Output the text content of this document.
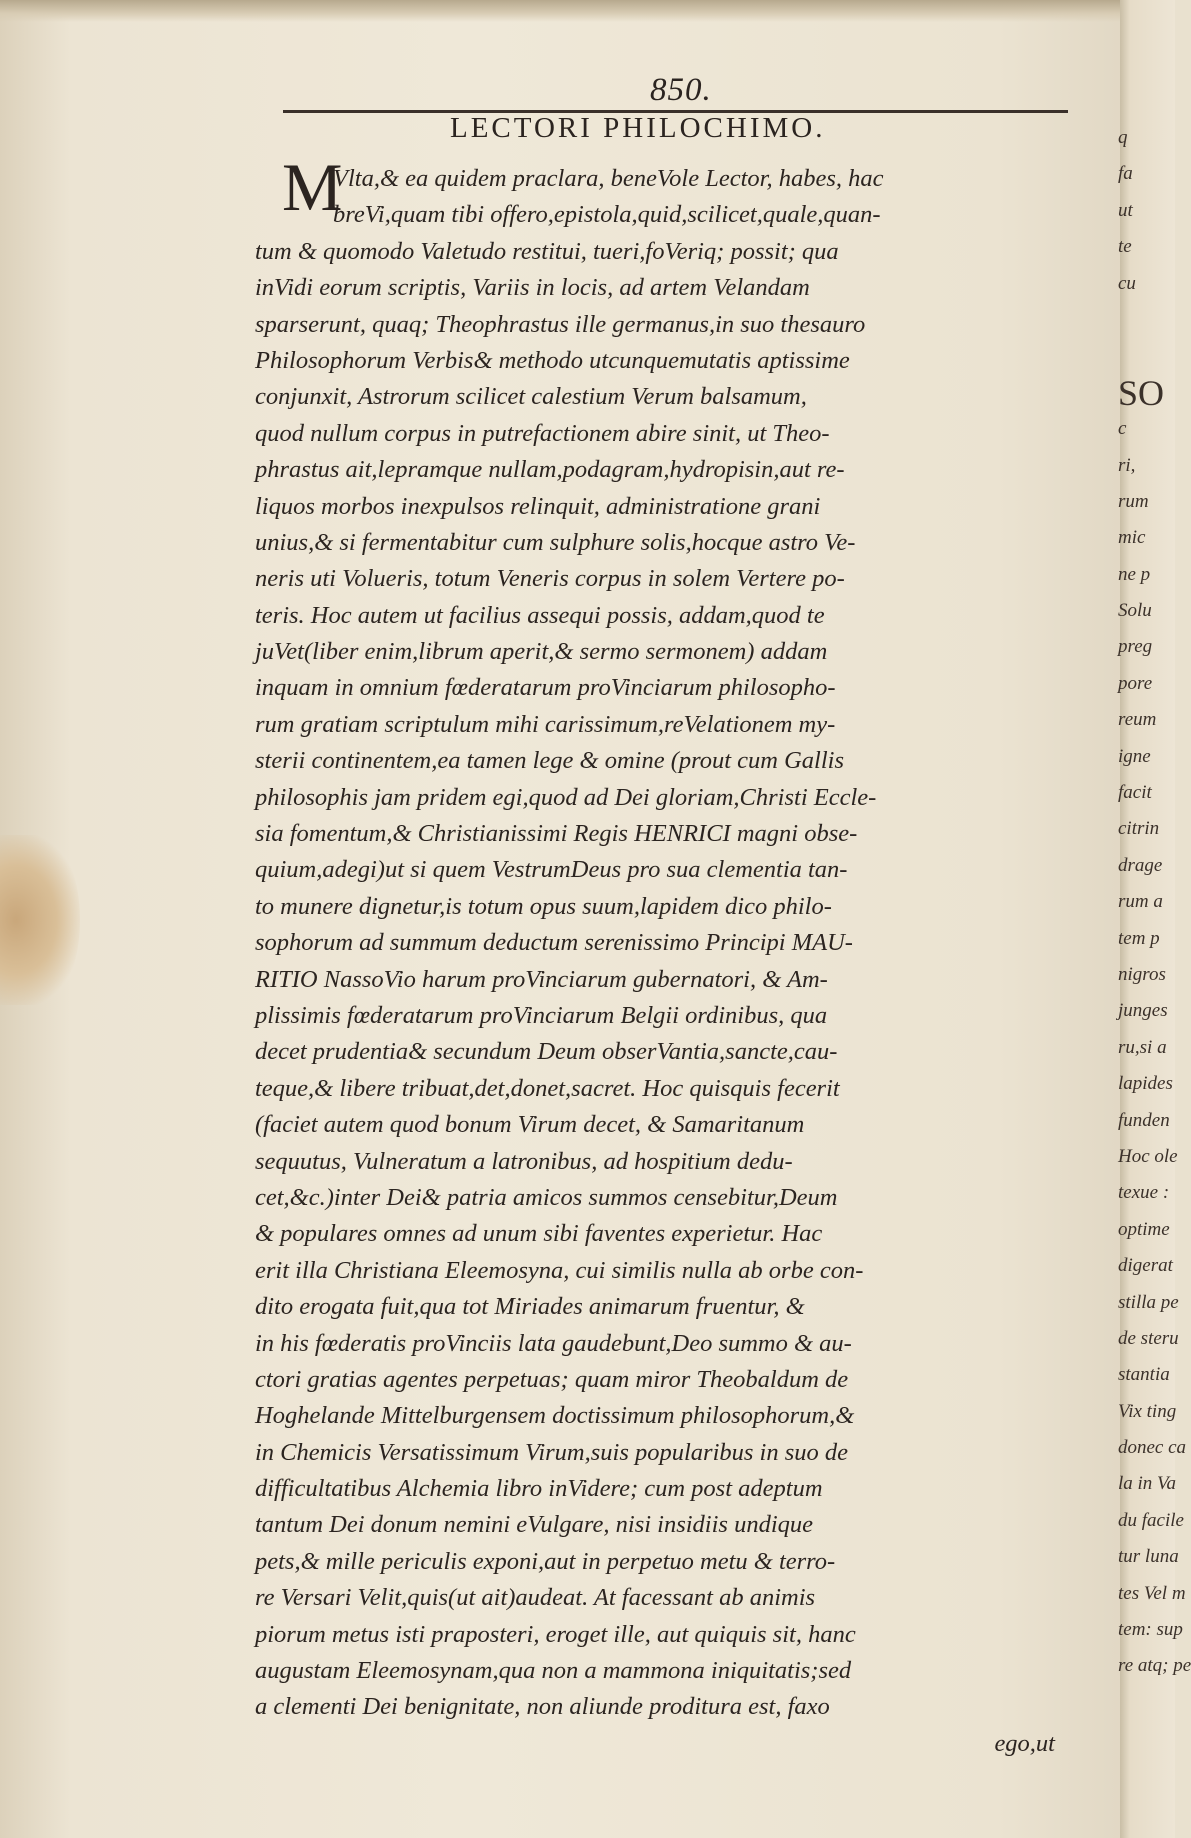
850.
LECTORI PHILOCHIMO.
M
Vlta,& ea quidem praclara, beneVole Lector, habes, hac
breVi,quam tibi offero,epistola,quid,scilicet,quale,quan-
tum & quomodo Valetudo restitui, tueri,foVeriq; possit; qua
inVidi eorum scriptis, Variis in locis, ad artem Velandam
sparserunt, quaq; Theophrastus ille germanus,in suo thesauro
Philosophorum Verbis& methodo utcunquemutatis aptissime
conjunxit, Astrorum scilicet calestium Verum balsamum,
quod nullum corpus in putrefactionem abire sinit, ut Theo-
phrastus ait,lepramque nullam,podagram,hydropisin,aut re-
liquos morbos inexpulsos relinquit, administratione grani
unius,& si fermentabitur cum sulphure solis,hocque astro Ve-
neris uti Volueris, totum Veneris corpus in solem Vertere po-
teris. Hoc autem ut facilius assequi possis, addam,quod te
juVet(liber enim,librum aperit,& sermo sermonem) addam
inquam in omnium fœderatarum proVinciarum philosopho-
rum gratiam scriptulum mihi carissimum,reVelationem my-
sterii continentem,ea tamen lege & omine (prout cum Gallis
philosophis jam pridem egi,quod ad Dei gloriam,Christi Eccle-
sia fomentum,& Christianissimi Regis HENRICI magni obse-
quium,adegi)ut si quem VestrumDeus pro sua clementia tan-
to munere dignetur,is totum opus suum,lapidem dico philo-
sophorum ad summum deductum serenissimo Principi MAU-
RITIO NassoVio harum proVinciarum gubernatori, & Am-
plissimis fœderatarum proVinciarum Belgii ordinibus, qua
decet prudentia& secundum Deum obserVantia,sancte,cau-
teque,& libere tribuat,det,donet,sacret. Hoc quisquis fecerit
(faciet autem quod bonum Virum decet, & Samaritanum
sequutus, Vulneratum a latronibus, ad hospitium dedu-
cet,&c.)inter Dei& patria amicos summos censebitur,Deum
& populares omnes ad unum sibi faventes experietur. Hac
erit illa Christiana Eleemosyna, cui similis nulla ab orbe con-
dito erogata fuit,qua tot Miriades animarum fruentur, &
in his fœderatis proVinciis lata gaudebunt,Deo summo & au-
ctori gratias agentes perpetuas; quam miror Theobaldum de
Hoghelande Mittelburgensem doctissimum philosophorum,&
in Chemicis Versatissimum Virum,suis popularibus in suo de
difficultatibus Alchemia libro inVidere; cum post adeptum
tantum Dei donum nemini eVulgare, nisi insidiis undique
pets,& mille periculis exponi,aut in perpetuo metu & terro-
re Versari Velit,quis(ut ait)audeat. At facessant ab animis
piorum metus isti praposteri, eroget ille, aut quiquis sit, hanc
augustam Eleemosynam,qua non a mammona iniquitatis;sed
a clementi Dei benignitate, non aliunde proditura est, faxo
ego,ut
q
fa
ut
te
cu
SO
c
ri,
rum
mic
ne p
Solu
preg
pore
reum
igne
facit
citrin
drage
rum a
tem p
nigros
junges
ru,si a
lapides
funden
Hoc ole
texue :
optime
digerat
stilla pe
de steru
stantia
Vix ting
donec ca
la in Va
du facile
tur luna
tes Vel m
tem: sup
re atq; pe
